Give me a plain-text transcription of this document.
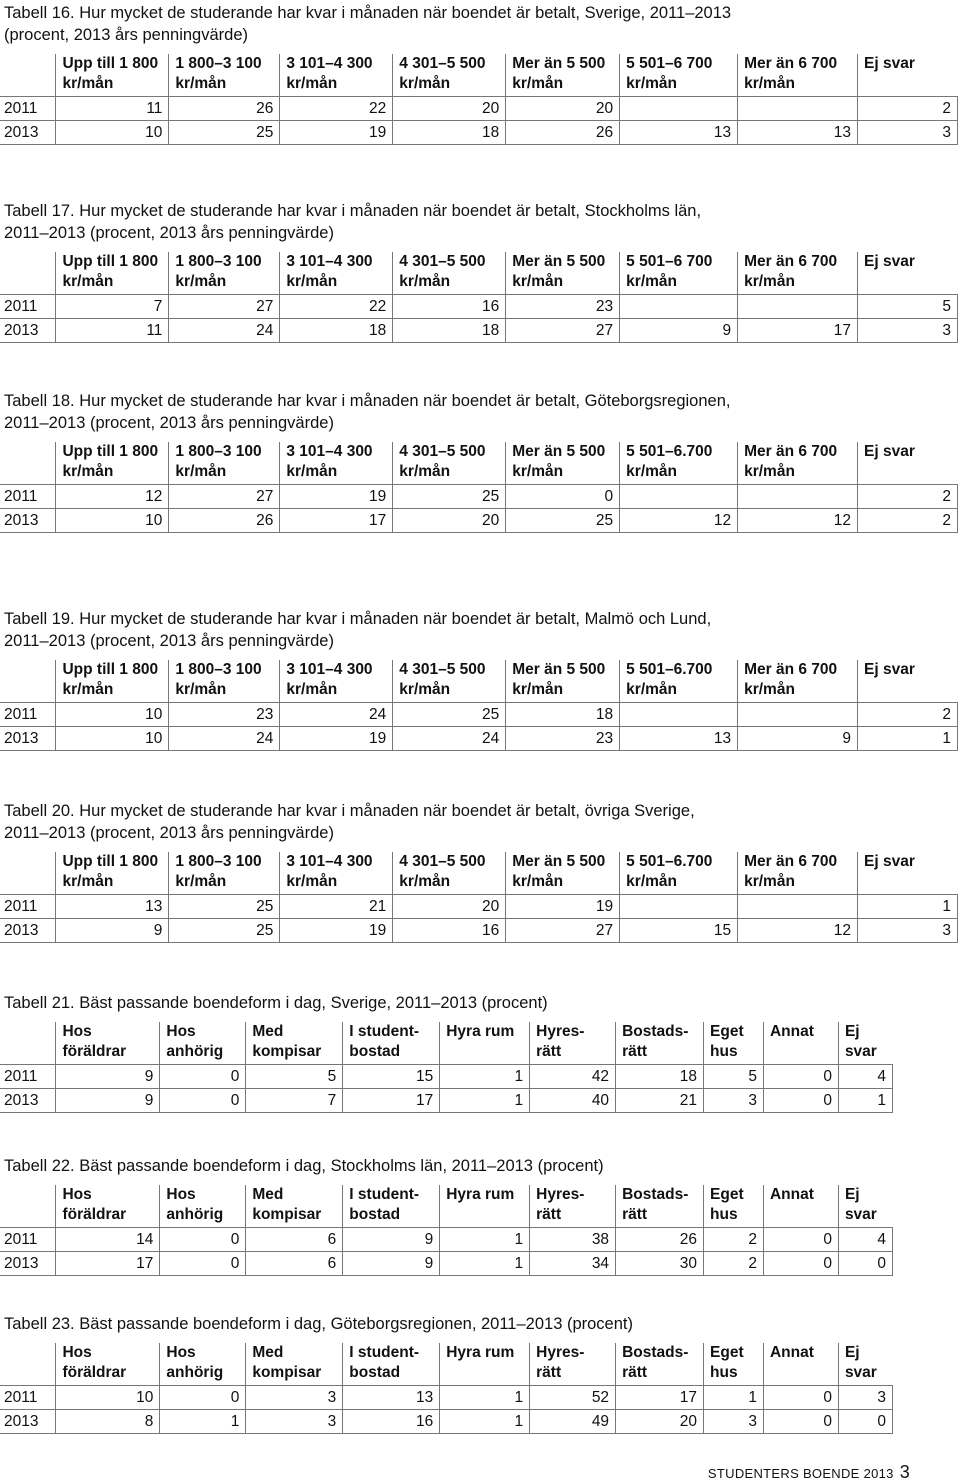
Tabell 16. Hur mycket de studerande har kvar i månaden när boendet är betalt, Sverige, 2011–2013

(procent, 2013 års penningvärde)

	Upp till 1 800
kr/mån	1 800–3 100
kr/mån	3 101–4 300
kr/mån	4 301–5 500
kr/mån	Mer än 5 500
kr/mån	5 501–6 700
kr/mån	Mer än 6 700
kr/mån	Ej svar

2011	11	26	22	20	20			2
2013	10	25	19	18	26	13	13	3

Tabell 17. Hur mycket de studerande har kvar i månaden när boendet är betalt, Stockholms län,

2011–2013 (procent, 2013 års penningvärde)

	Upp till 1 800
kr/mån	1 800–3 100
kr/mån	3 101–4 300
kr/mån	4 301–5 500
kr/mån	Mer än 5 500
kr/mån	5 501–6 700
kr/mån	Mer än 6 700
kr/mån	Ej svar

2011	7	27	22	16	23			5
2013	11	24	18	18	27	9	17	3

Tabell 18. Hur mycket de studerande har kvar i månaden när boendet är betalt, Göteborgsregionen,

2011–2013 (procent, 2013 års penningvärde)

	Upp till 1 800
kr/mån	1 800–3 100
kr/mån	3 101–4 300
kr/mån	4 301–5 500
kr/mån	Mer än 5 500
kr/mån	5 501–6.700
kr/mån	Mer än 6 700
kr/mån	Ej svar

2011	12	27	19	25	0			2
2013	10	26	17	20	25	12	12	2

Tabell 19. Hur mycket de studerande har kvar i månaden när boendet är betalt, Malmö och Lund,

2011–2013 (procent, 2013 års penningvärde)

	Upp till 1 800
kr/mån	1 800–3 100
kr/mån	3 101–4 300
kr/mån	4 301–5 500
kr/mån	Mer än 5 500
kr/mån	5 501–6.700
kr/mån	Mer än 6 700
kr/mån	Ej svar

2011	10	23	24	25	18			2
2013	10	24	19	24	23	13	9	1

Tabell 20. Hur mycket de studerande har kvar i månaden när boendet är betalt, övriga Sverige,

2011–2013 (procent, 2013 års penningvärde)

	Upp till 1 800
kr/mån	1 800–3 100
kr/mån	3 101–4 300
kr/mån	4 301–5 500
kr/mån	Mer än 5 500
kr/mån	5 501–6.700
kr/mån	Mer än 6 700
kr/mån	Ej svar

2011	13	25	21	20	19			1
2013	9	25	19	16	27	15	12	3

Tabell 21. Bäst passande boendeform i dag, Sverige, 2011–2013 (procent)

	Hos
föräldrar	Hos
anhörig	Med
kompisar	I student-
bostad	Hyra rum	Hyres-
rätt	Bostads-
rätt	Eget
hus	Annat	Ej
svar

2011	9	0	5	15	1	42	18	5	0	4
2013	9	0	7	17	1	40	21	3	0	1

Tabell 22. Bäst passande boendeform i dag, Stockholms län, 2011–2013 (procent)

	Hos
föräldrar	Hos
anhörig	Med
kompisar	I student-
bostad	Hyra rum	Hyres-
rätt	Bostads-
rätt	Eget
hus	Annat	Ej
svar

2011	14	0	6	9	1	38	26	2	0	4
2013	17	0	6	9	1	34	30	2	0	0

Tabell 23. Bäst passande boendeform i dag, Göteborgsregionen, 2011–2013 (procent)

	Hos
föräldrar	Hos
anhörig	Med
kompisar	I student-
bostad	Hyra rum	Hyres-
rätt	Bostads-
rätt	Eget
hus	Annat	Ej
svar

2011	10	0	3	13	1	52	17	1	0	3
2013	8	1	3	16	1	49	20	3	0	0
STUDENTERS BOENDE 2013 3
